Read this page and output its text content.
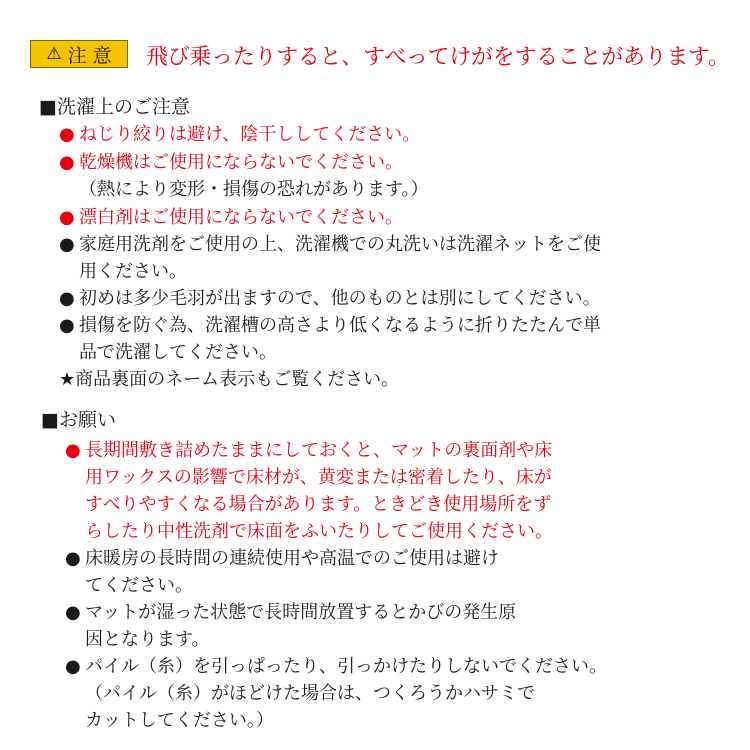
⚠ 注 意 飛び乗ったりすると、すべってけがをすることがあります。
■洗濯上のご注意
● ねじり絞りは避け、陰干ししてください。
● 乾燥機はご使用にならないでください。
（熱により変形・損傷の恐れがあります。）
● 漂白剤はご使用にならないでください。
● 家庭用洗剤をご使用の上、洗濯機での丸洗いは洗濯ネットをご使
用ください。
● 初めは多少毛羽が出ますので、他のものとは別にしてください。
● 損傷を防ぐ為、洗濯槽の高さより低くなるように折りたたんで単
品で洗濯してください。
★商品裏面のネーム表示もご覧ください。
■お願い
● 長期間敷き詰めたままにしておくと、マットの裏面剤や床
用ワックスの影響で床材が、黄変または密着したり、床が
すべりやすくなる場合があります。ときどき使用場所をず
らしたり中性洗剤で床面をふいたりしてご使用ください。
● 床暖房の長時間の連続使用や高温でのご使用は避け
てください。
● マットが湿った状態で長時間放置するとかびの発生原
因となります。
● パイル（糸）を引っぱったり、引っかけたりしないでください。
（パイル（糸）がほどけた場合は、つくろうかハサミで
カットしてください。）
